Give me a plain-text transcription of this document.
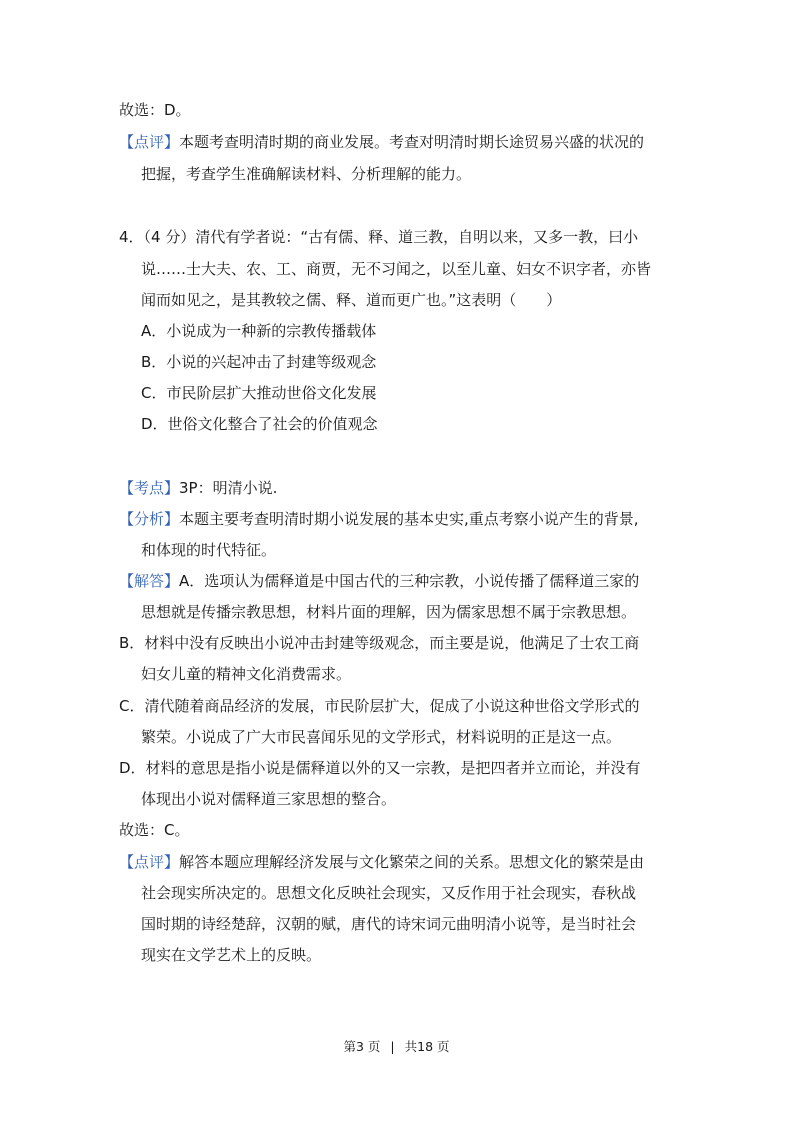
故选：D。
【点评】本题考查明清时期的商业发展。考查对明清时期长途贸易兴盛的状况的
把握，考查学生准确解读材料、分析理解的能力。
4．（4 分）清代有学者说：“古有儒、释、道三教，自明以来，又多一教，曰小
说……士大夫、农、工、商贾，无不习闻之，以至儿童、妇女不识字者，亦皆
闻而如见之，是其教较之儒、释、道而更广也。”这表明（　　）
A．小说成为一种新的宗教传播载体
B．小说的兴起冲击了封建等级观念
C．市民阶层扩大推动世俗文化发展
D．世俗文化整合了社会的价值观念
【考点】3P：明清小说.
【分析】本题主要考查明清时期小说发展的基本史实,重点考察小说产生的背景,
和体现的时代特征。
【解答】A．选项认为儒释道是中国古代的三种宗教，小说传播了儒释道三家的
思想就是传播宗教思想，材料片面的理解，因为儒家思想不属于宗教思想。
B．材料中没有反映出小说冲击封建等级观念，而主要是说，他满足了士农工商
妇女儿童的精神文化消费需求。
C．清代随着商品经济的发展，市民阶层扩大，促成了小说这种世俗文学形式的
繁荣。小说成了广大市民喜闻乐见的文学形式，材料说明的正是这一点。
D．材料的意思是指小说是儒释道以外的又一宗教，是把四者并立而论，并没有
体现出小说对儒释道三家思想的整合。
故选：C。
【点评】解答本题应理解经济发展与文化繁荣之间的关系。思想文化的繁荣是由
社会现实所决定的。思想文化反映社会现实，又反作用于社会现实，春秋战
国时期的诗经楚辞，汉朝的赋，唐代的诗宋词元曲明清小说等，是当时社会
现实在文学艺术上的反映。
第3 页 | 共18 页
